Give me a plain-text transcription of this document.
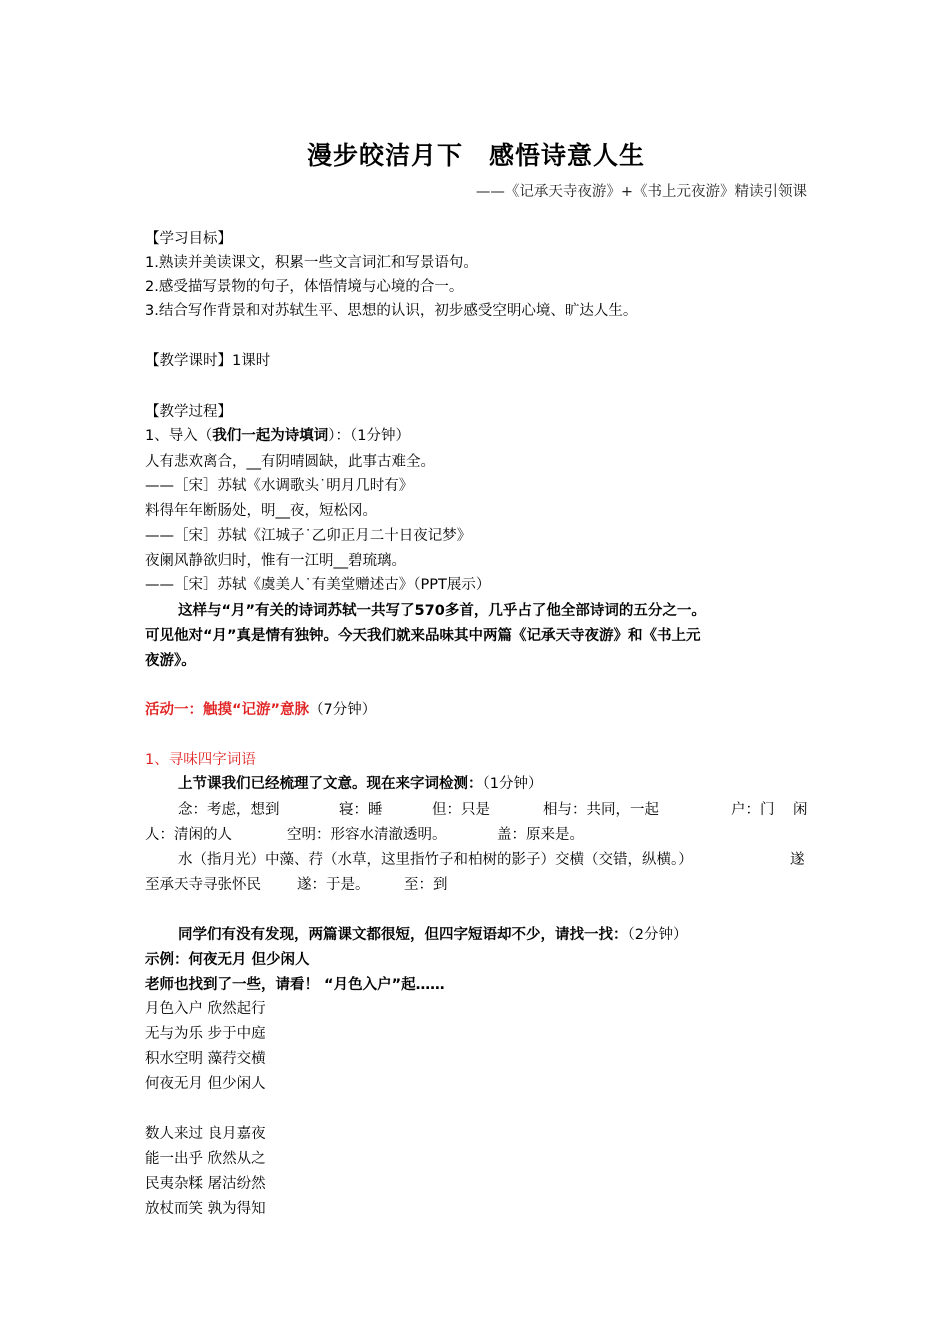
漫步皎洁月下　感悟诗意人生
——《记承天寺夜游》+《书上元夜游》精读引领课
【学习目标】
1.熟读并美读课文，积累一些文言词汇和写景语句。
2.感受描写景物的句子，体悟情境与心境的合一。
3.结合写作背景和对苏轼生平、思想的认识，初步感受空明心境、旷达人生。
【教学课时】1课时
【教学过程】
1、导入（我们一起为诗填词）：（1分钟）
人有悲欢离合，__有阴晴圆缺，此事古难全。
——［宋］苏轼《水调歌头˙明月几时有》
料得年年断肠处，明__夜，短松冈。
——［宋］苏轼《江城子˙乙卯正月二十日夜记梦》
夜阑风静欲归时，惟有一江明__碧琉璃。
——［宋］苏轼《虞美人˙有美堂赠述古》（PPT展示）
这样与“月”有关的诗词苏轼一共写了570多首，几乎占了他全部诗词的五分之一。
可见他对“月”真是情有独钟。今天我们就来品味其中两篇《记承天寺夜游》和《书上元
夜游》。
活动一：触摸“记游”意脉（7分钟）
1、寻味四字词语
上节课我们已经梳理了文意。现在来字词检测：（1分钟）
念：考虑，想到	寝：睡	但：只是	相与：共同，一起	户：门 闲
人：清闲的人	空明：形容水清澈透明。	盖：原来是。
水（指月光）中藻、荇（水草，这里指竹子和柏树的影子）交横（交错，纵横。）	遂
至承天寺寻张怀民 遂：于是。 至：到
同学们有没有发现，两篇课文都很短，但四字短语却不少，请找一找：（2分钟）
示例：何夜无月 但少闲人
老师也找到了一些，请看！ “月色入户”起……
月色入户 欣然起行
无与为乐 步于中庭
积水空明 藻荇交横
何夜无月 但少闲人
数人来过 良月嘉夜
能一出乎 欣然从之
民夷杂糅 屠沽纷然
放杖而笑 孰为得知
